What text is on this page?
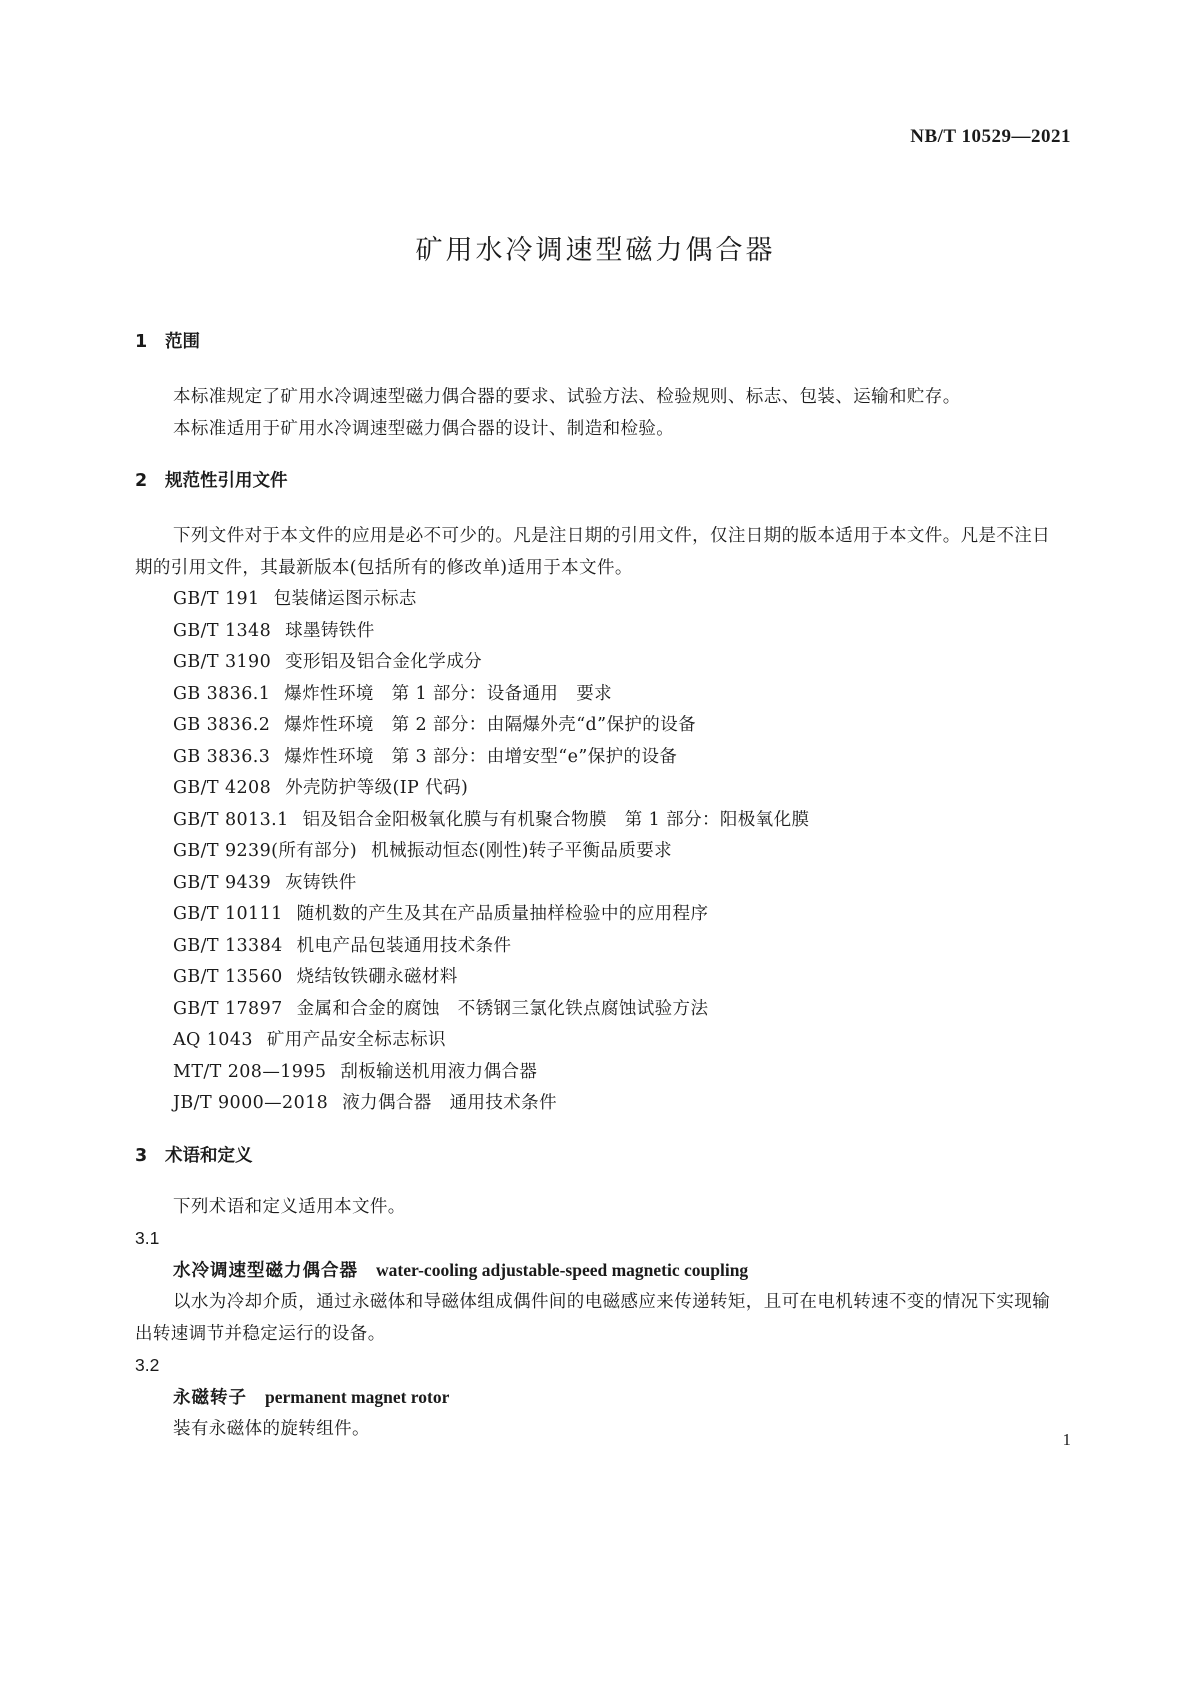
NB/T 10529—2021
矿用水冷调速型磁力偶合器
1 范围

本标准规定了矿用水冷调速型磁力偶合器的要求、试验方法、检验规则、标志、包装、运输和贮存。

本标准适用于矿用水冷调速型磁力偶合器的设计、制造和检验。

2 规范性引用文件

下列文件对于本文件的应用是必不可少的。凡是注日期的引用文件，仅注日期的版本适用于本文件。凡是不注日期的引用文件，其最新版本(包括所有的修改单)适用于本文件。

GB/T 191 包装储运图示标志

GB/T 1348 球墨铸铁件

GB/T 3190 变形铝及铝合金化学成分

GB 3836.1 爆炸性环境　第 1 部分：设备通用　要求

GB 3836.2 爆炸性环境　第 2 部分：由隔爆外壳“d”保护的设备

GB 3836.3 爆炸性环境　第 3 部分：由增安型“e”保护的设备

GB/T 4208 外壳防护等级(IP 代码)

GB/T 8013.1 铝及铝合金阳极氧化膜与有机聚合物膜　第 1 部分：阳极氧化膜

GB/T 9239(所有部分) 机械振动恒态(刚性)转子平衡品质要求

GB/T 9439 灰铸铁件

GB/T 10111 随机数的产生及其在产品质量抽样检验中的应用程序

GB/T 13384 机电产品包装通用技术条件

GB/T 13560 烧结钕铁硼永磁材料

GB/T 17897 金属和合金的腐蚀　不锈钢三氯化铁点腐蚀试验方法

AQ 1043 矿用产品安全标志标识

MT/T 208—1995 刮板输送机用液力偶合器

JB/T 9000—2018 液力偶合器　通用技术条件

3 术语和定义

下列术语和定义适用本文件。

3.1

水冷调速型磁力偶合器 water-cooling adjustable-speed magnetic coupling

以水为冷却介质，通过永磁体和导磁体组成偶件间的电磁感应来传递转矩，且可在电机转速不变的情况下实现输出转速调节并稳定运行的设备。

3.2

永磁转子 permanent magnet rotor

装有永磁体的旋转组件。

1
